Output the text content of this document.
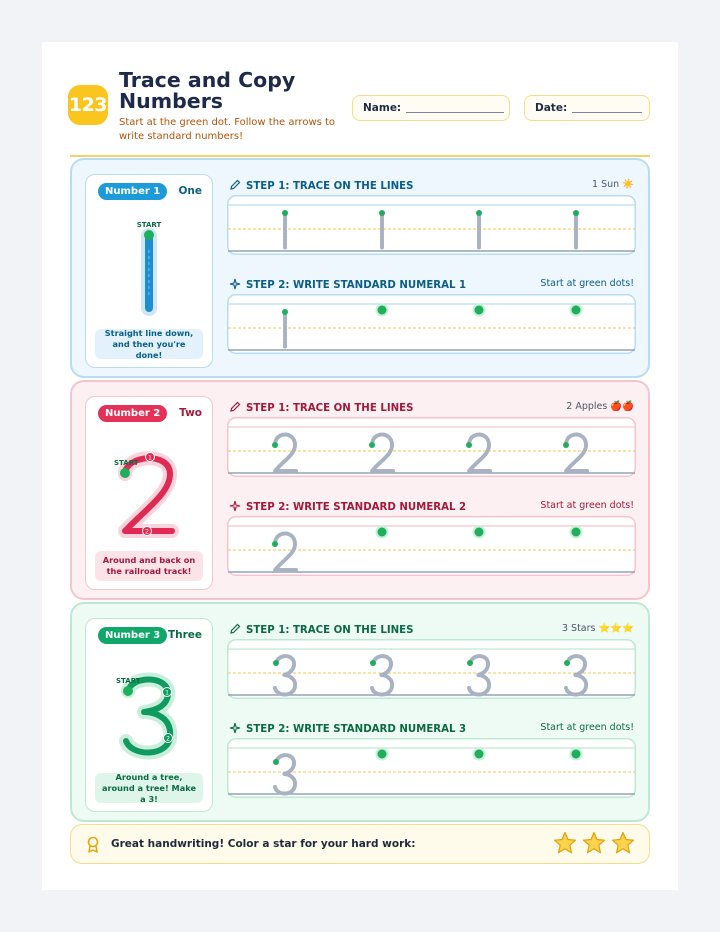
123
Trace and Copy Numbers
Start at the green dot. Follow the arrows to write standard numbers!
Name:	Date:
Number 1	One
START
Straight line down, and then you're done!
STEP 1: TRACE ON THE LINES	1 Sun ☀️
STEP 2: WRITE STANDARD NUMERAL 1	Start at green dots!
Number 2	Two
START
1
2
Around and back on the railroad track!
STEP 1: TRACE ON THE LINES	2 Apples 🍎🍎
STEP 2: WRITE STANDARD NUMERAL 2	Start at green dots!
Number 3 Three
START
1
2
Around a tree, around a tree! Make a 3!
STEP 1: TRACE ON THE LINES	3 Stars ⭐⭐⭐
STEP 2: WRITE STANDARD NUMERAL 3	Start at green dots!
Great handwriting! Color a star for your hard work:
